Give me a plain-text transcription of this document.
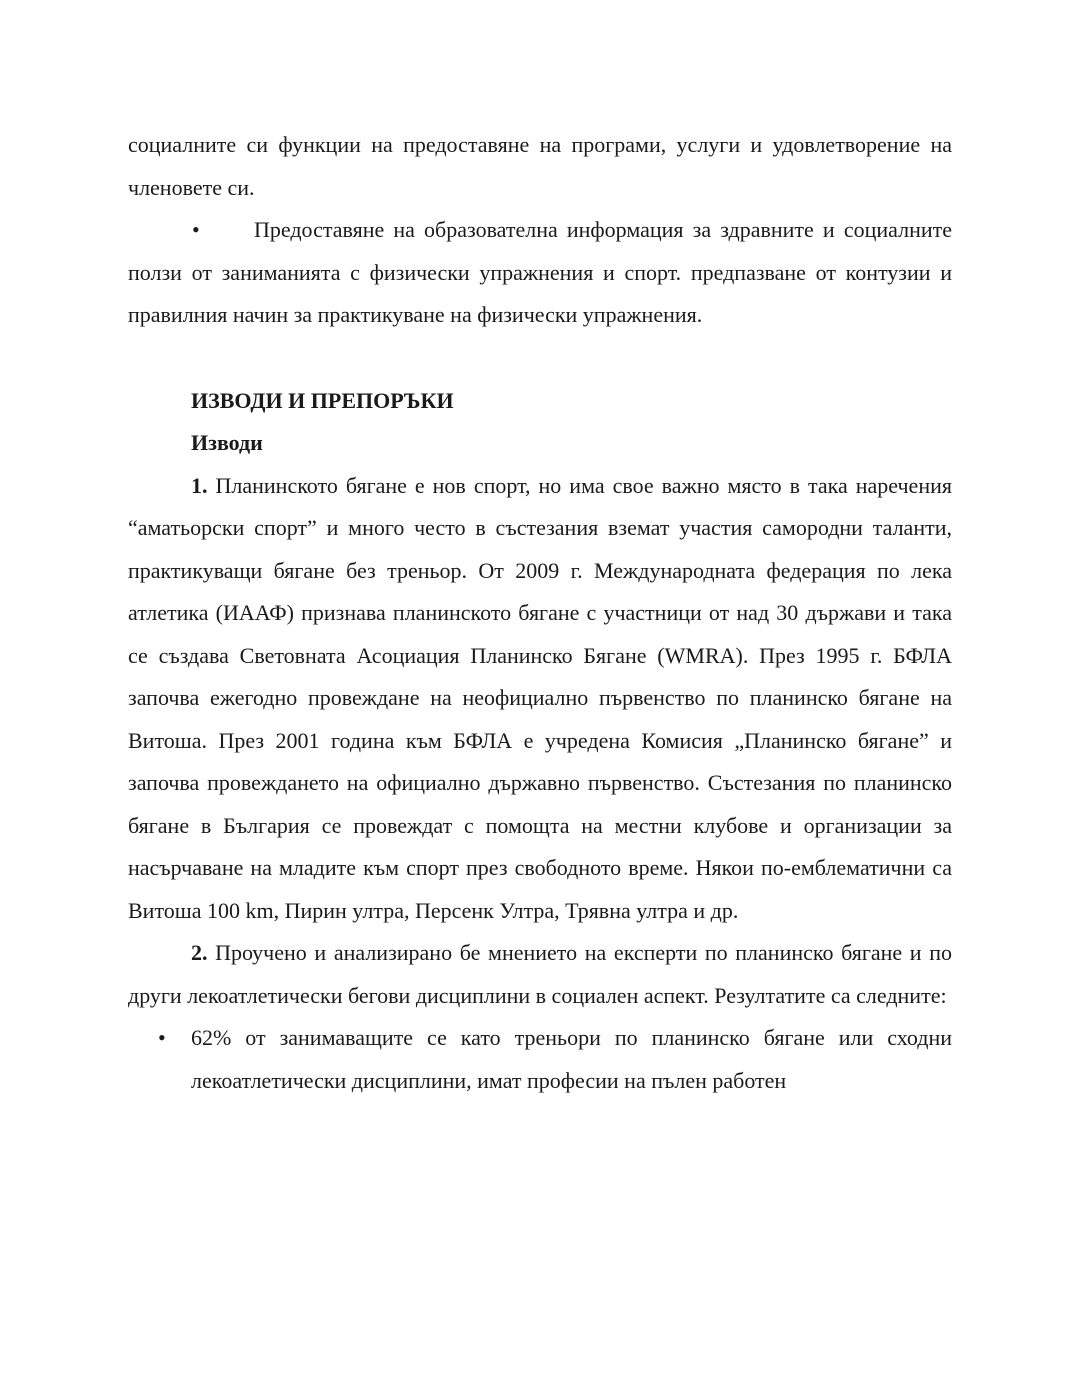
социалните си функции на предоставяне на програми, услуги и удовлетворение на членовете си.

• Предоставяне на образователна информация за здравните и социалните ползи от заниманията с физически упражнения и спорт. предпазване от контузии и правилния начин за практикуване на физически упражнения.

ИЗВОДИ И ПРЕПОРЪКИ

Изводи

1. Планинското бягане е нов спорт, но има свое важно място в така наречения “аматьорски спорт” и много често в състезания вземат участия самородни таланти, практикуващи бягане без треньор. От 2009 г. Международната федерация по лека атлетика (ИААФ) признава планинското бягане с участници от над 30 държави и така се създава Световната Асоциация Планинско Бягане (WMRA). През 1995 г. БФЛА започва ежегодно провеждане на неофициално първенство по планинско бягане на Витоша. През 2001 година към БФЛА е учредена Комисия „Планинско бягане” и започва провеждането на официално държавно първенство. Състезания по планинско бягане в България се провеждат с помощта на местни клубове и организации за насърчаване на младите към спорт през свободното време. Някои по-емблематични са Витоша 100 km, Пирин ултра, Персенк Ултра, Трявна ултра и др.

2. Проучено и анализирано бе мнението на експерти по планинско бягане и по други лекоатлетически бегови дисциплини в социален аспект. Резултатите са следните:

• 62% от занимаващите се като треньори по планинско бягане или сходни лекоатлетически дисциплини, имат професии на пълен работен
